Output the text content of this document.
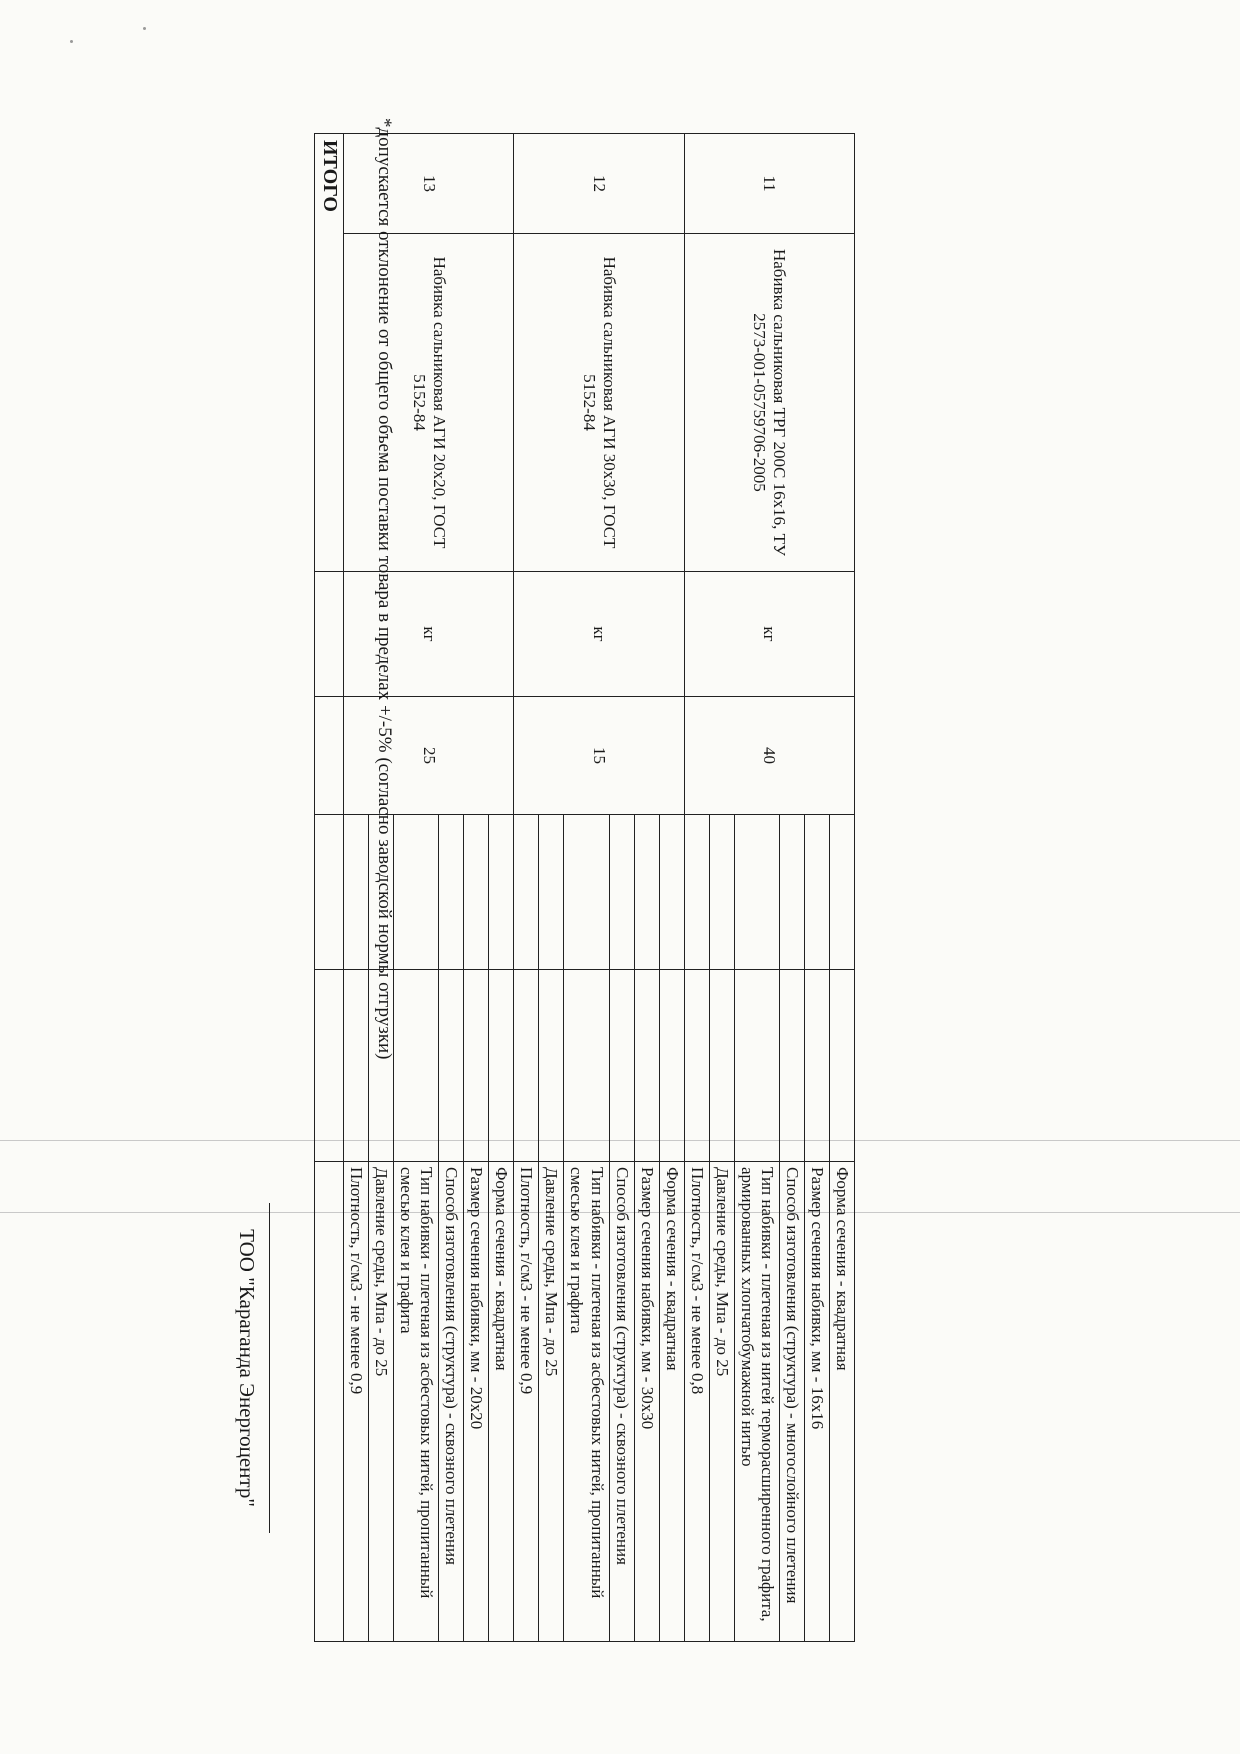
11	Набивка сальниковая ТРГ 200С 16x16, ТУ 2573-001-05759706-2005	кг	40			Форма сечения - квадратная
						Размер сечения набивки, мм - 16x16
						Способ изготовления (структура) - многослойного плетения
						Тип набивки - плетеная из нитей терморасширенного графита, армированных хлопчатобумажной нитью
						Давление среды, Мпа - до 25
						Плотность, г/см3 - не менее 0,8
12	Набивка сальниковая АГИ 30x30, ГОСТ 5152-84	кг	15			Форма сечения - квадратная
						Размер сечения набивки, мм - 30x30
						Способ изготовления (структура) - сквозного плетения
						Тип набивки - плетеная из асбестовых нитей, пропитанный смесью клея и графита
						Давление среды, Мпа - до 25
						Плотность, г/см3 - не менее 0,9
13	Набивка сальниковая АГИ 20x20, ГОСТ 5152-84	кг	25			Форма сечения - квадратная
						Размер сечения набивки, мм - 20x20
						Способ изготовления (структура) - сквозного плетения
						Тип набивки - плетеная из асбестовых нитей, пропитанный смесью клея и графита
						Давление среды, Мпа - до 25
						Плотность, г/см3 - не менее 0,9
ИТОГО						*допускается отклонение от общего объема поставки товара в пределах +/-5% (согласно заводской нормы отгрузки)
ТОО "Караганда Энергоцентр"
